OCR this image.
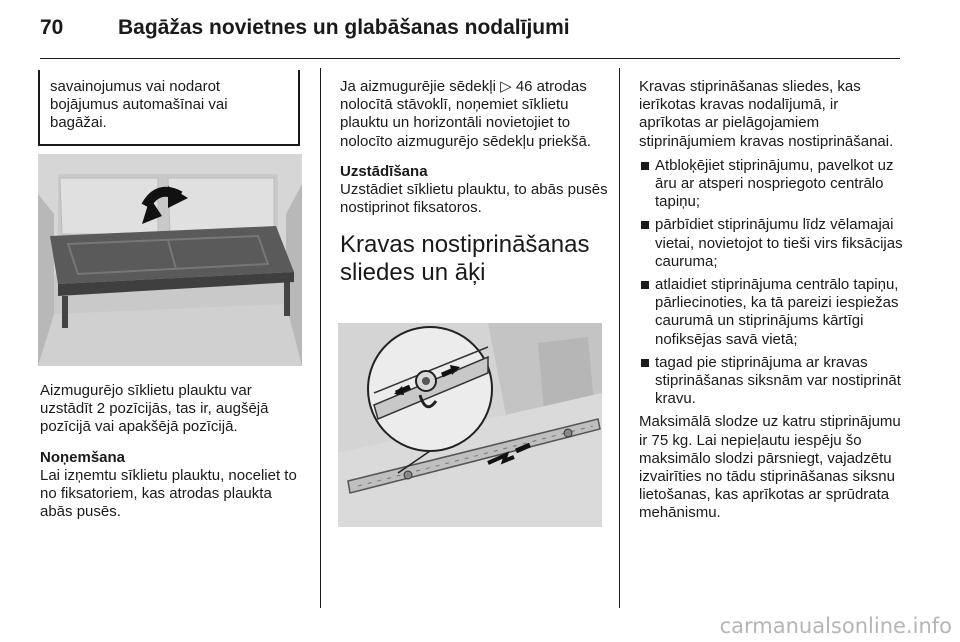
70	Bagāžas novietnes un glabāšanas nodalījumi
savainojumus vai nodarot bojājumus automašīnai vai bagāžai.

Aizmugurējo sīklietu plauktu var uzstādīt 2 pozīcijās, tas ir, augšējā pozīcijā vai apakšējā pozīcijā.

Noņemšana

Lai izņemtu sīklietu plauktu, noceliet to no fiksatoriem, kas atrodas plaukta abās pusēs.

Ja aizmugurējie sēdekļi ▷ 46 atrodas nolocītā stāvoklī, noņemiet sīklietu plauktu un horizontāli novietojiet to nolocīto aizmugurējo sēdekļu priekšā.

Uzstādīšana

Uzstādiet sīklietu plauktu, to abās pusēs nostiprinot fiksatoros.

Kravas nostiprināšanas sliedes un āķi

Kravas stiprināšanas sliedes, kas ierīkotas kravas nodalījumā, ir aprīkotas ar pielāgojamiem stiprinājumiem kravas nostiprināšanai.

Atbloķējiet stiprinājumu, pavelkot uz āru ar atsperi nospriegoto centrālo tapiņu;
pārbīdiet stiprinājumu līdz vēlamajai vietai, novietojot to tieši virs fiksācijas cauruma;
atlaidiet stiprinājuma centrālo tapiņu, pārliecinoties, ka tā pareizi iespiežas caurumā un stiprinājums kārtīgi nofiksējas savā vietā;
tagad pie stiprinājuma ar kravas stiprināšanas siksnām var nostiprināt kravu.

Maksimālā slodze uz katru stiprinājumu ir 75 kg. Lai nepieļautu iespēju šo maksimālo slodzi pārsniegt, vajadzētu izvairīties no tādu stiprināšanas siksnu lietošanas, kas aprīkotas ar sprūdrata mehānismu.

carmanualsonline.info
